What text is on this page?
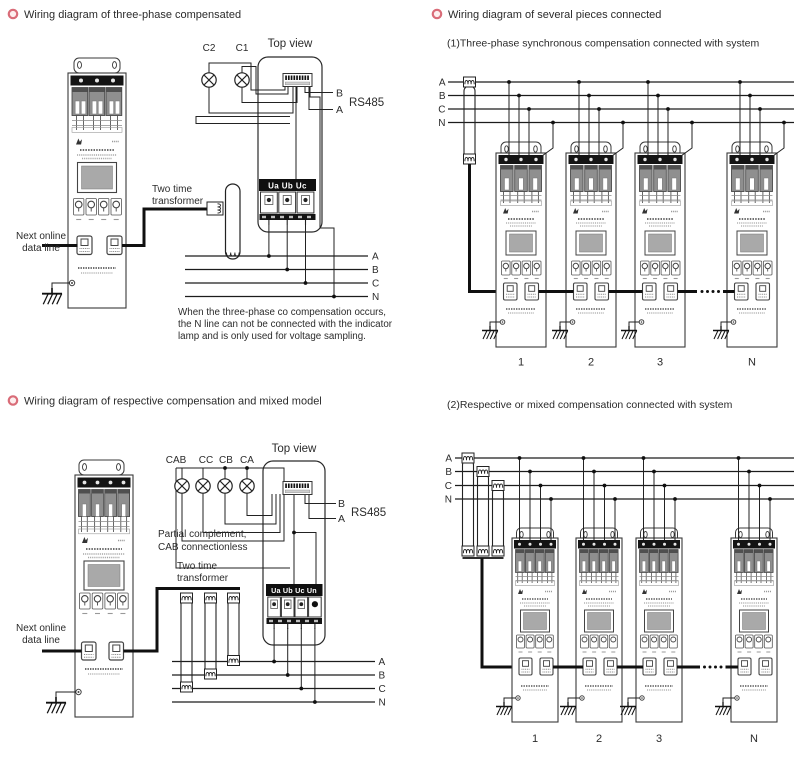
Wiring diagram of three-phase compensated
Top view
A
B
C
N
C2 C1
Ua Ub Uc
B
A
RS485
Two time
transformer
Next online
data line
When the three-phase co compensation occurs,
the N line can not be connected with the indicator
lamp and is only used for voltage sampling.
Wiring diagram of several pieces connected
(1)Three-phase synchronous compensation connected with system
A
B
C
N
1	2	3	N
Wiring diagram of respective compensation and mixed model
Top view
A
B
C
N
CAB CC CB CA
Ua Ub Uc Un
B
A RS485
Partial complement,
CAB connectionless
Two time
transformer
Next online
data line
(2)Respective or mixed compensation connected with system
A
B
C
N
1	2	3	N
